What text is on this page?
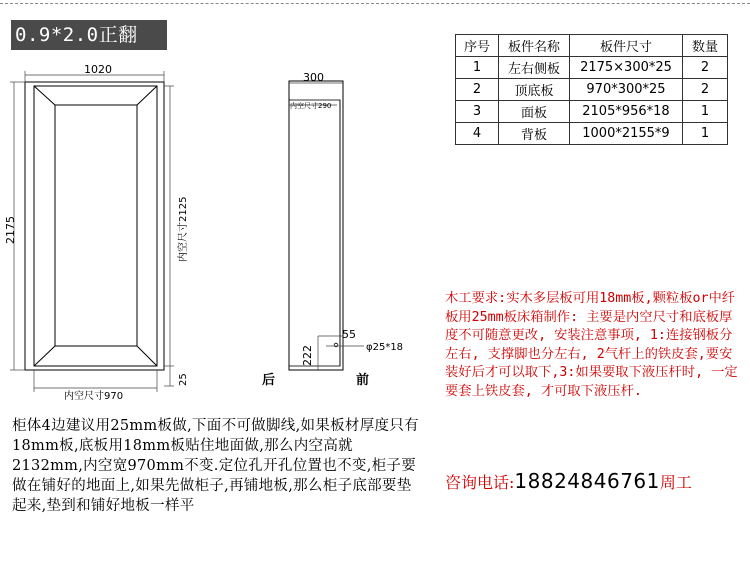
0.9*2.0正翻
序号	板件名称	板件尺寸	数量
1	左右侧板	2175×300*25	2
2	顶底板	970*300*25	2
3	面板	2105*956*18	1
4	背板	1000*2155*9	1
1020
2175	内空尺寸2125
25
内空尺寸970
300
内空尺寸290
55
φ25*18
222
后	前
柜体4边建议用25mm板做,下面不可做脚线,如果板材厚度只有18mm板,底板用18mm板贴住地面做,那么内空高就2132mm,内空宽970mm不变.定位孔开孔位置也不变,柜子要做在铺好的地面上,如果先做柜子,再铺地板,那么柜子底部要垫起来,垫到和铺好地板一样平
木工要求:实木多层板可用18mm板,颗粒板or中纤板用25mm板床箱制作: 主要是内空尺寸和底板厚度不可随意更改, 安装注意事项, 1:连接钢板分左右, 支撑脚也分左右, 2气杆上的铁皮套,要安装好后才可以取下,3:如果要取下液压杆时, 一定要套上铁皮套, 才可取下液压杆.
咨询电话:18824846761周工
